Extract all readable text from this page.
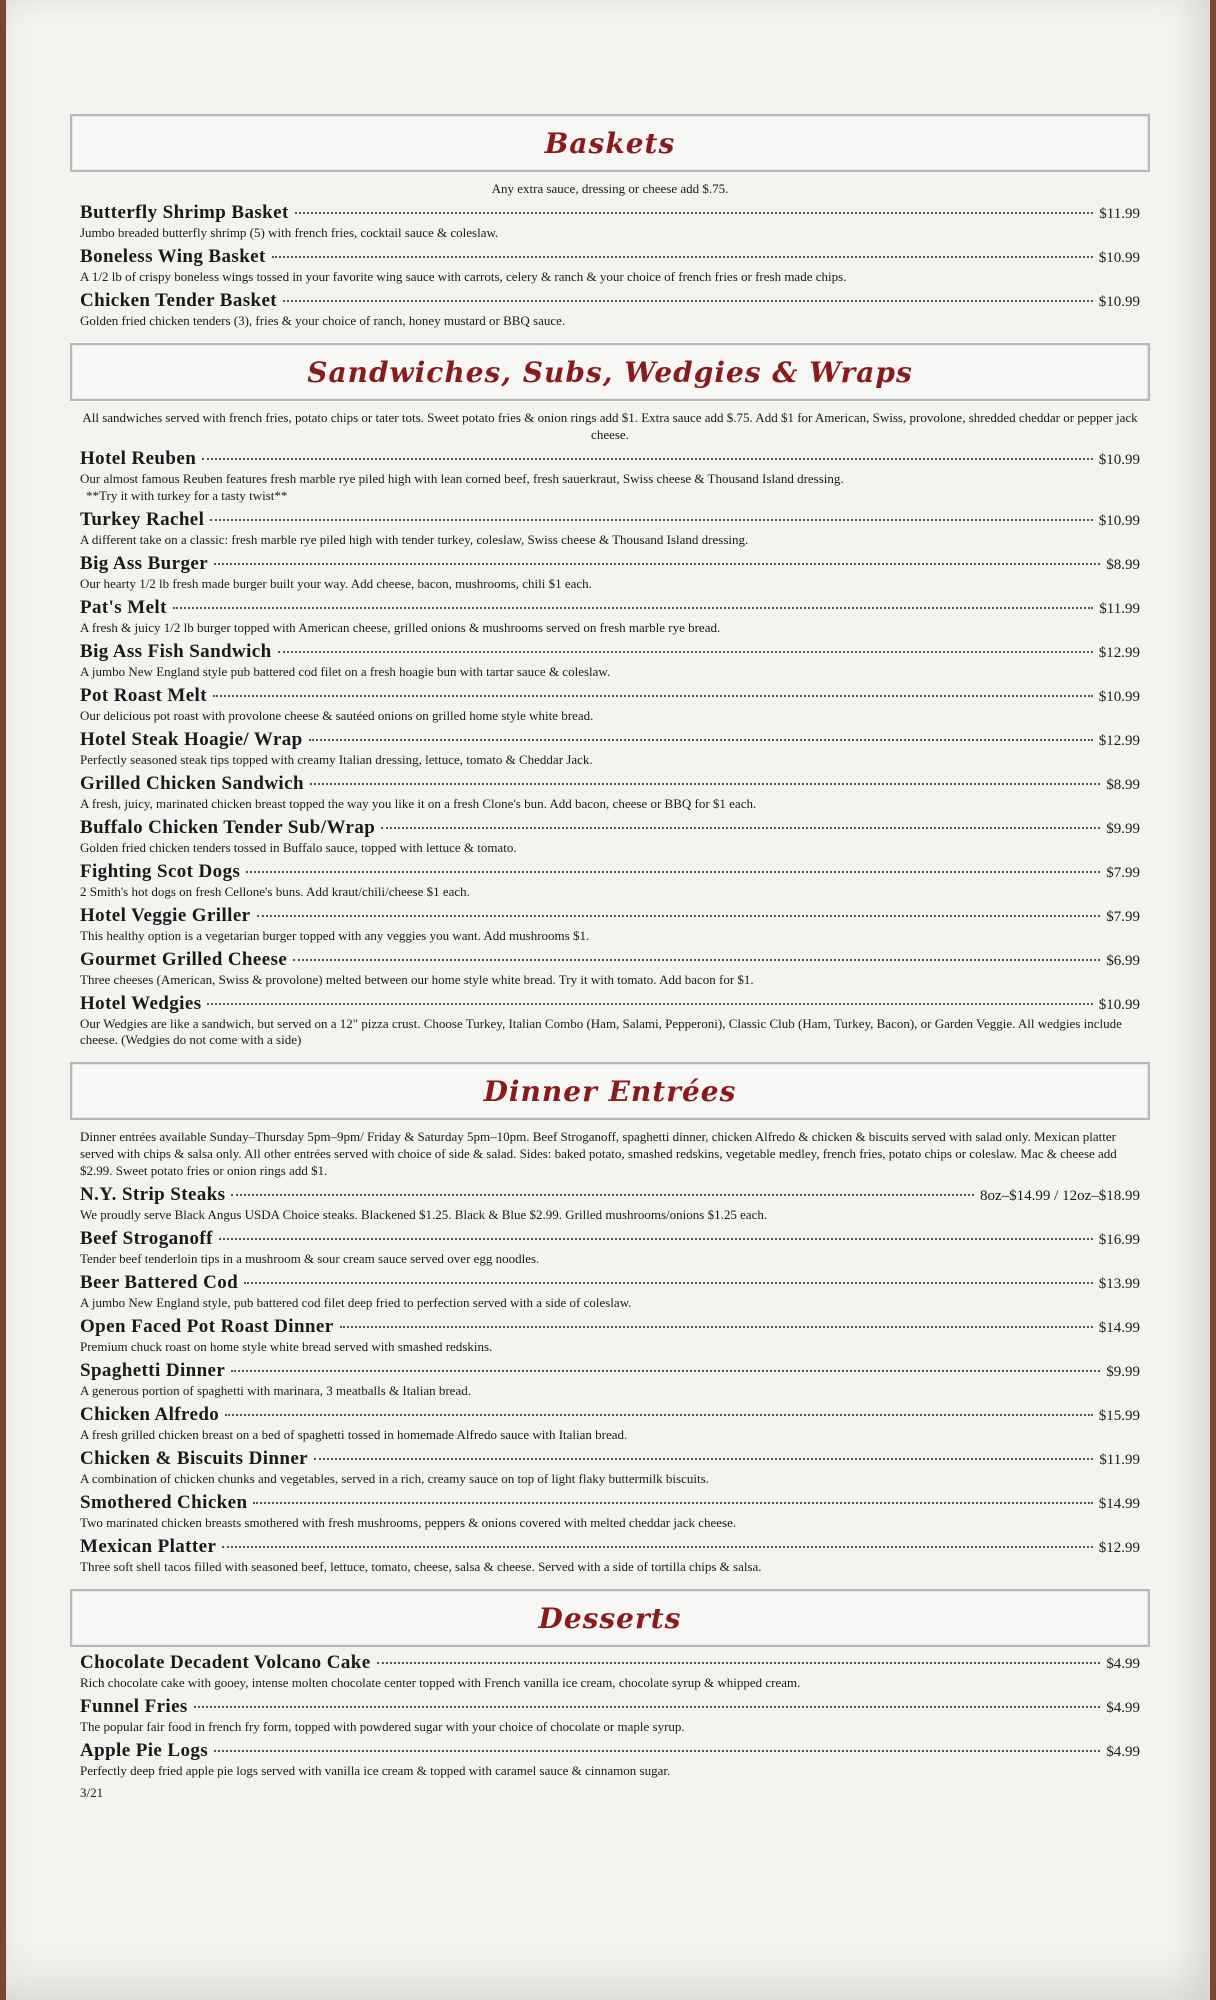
Baskets
Any extra sauce, dressing or cheese add $.75.
Butterfly Shrimp Basket	$11.99
Jumbo breaded butterfly shrimp (5) with french fries, cocktail sauce & coleslaw.
Boneless Wing Basket	$10.99
A 1/2 lb of crispy boneless wings tossed in your favorite wing sauce with carrots, celery & ranch & your choice of french fries or fresh made chips.
Chicken Tender Basket	$10.99
Golden fried chicken tenders (3), fries & your choice of ranch, honey mustard or BBQ sauce.
Sandwiches, Subs, Wedgies & Wraps
All sandwiches served with french fries, potato chips or tater tots. Sweet potato fries & onion rings add $1. Extra sauce add $.75. Add $1 for American, Swiss, provolone, shredded cheddar or pepper jack cheese.
Hotel Reuben	$10.99
Our almost famous Reuben features fresh marble rye piled high with lean corned beef, fresh sauerkraut, Swiss cheese & Thousand Island dressing.
**Try it with turkey for a tasty twist**
Turkey Rachel	$10.99
A different take on a classic: fresh marble rye piled high with tender turkey, coleslaw, Swiss cheese & Thousand Island dressing.
Big Ass Burger	$8.99
Our hearty 1/2 lb fresh made burger built your way. Add cheese, bacon, mushrooms, chili $1 each.
Pat's Melt	$11.99
A fresh & juicy 1/2 lb burger topped with American cheese, grilled onions & mushrooms served on fresh marble rye bread.
Big Ass Fish Sandwich	$12.99
A jumbo New England style pub battered cod filet on a fresh hoagie bun with tartar sauce & coleslaw.
Pot Roast Melt	$10.99
Our delicious pot roast with provolone cheese & sautéed onions on grilled home style white bread.
Hotel Steak Hoagie/ Wrap	$12.99
Perfectly seasoned steak tips topped with creamy Italian dressing, lettuce, tomato & Cheddar Jack.
Grilled Chicken Sandwich	$8.99
A fresh, juicy, marinated chicken breast topped the way you like it on a fresh Clone's bun. Add bacon, cheese or BBQ for $1 each.
Buffalo Chicken Tender Sub/Wrap	$9.99
Golden fried chicken tenders tossed in Buffalo sauce, topped with lettuce & tomato.
Fighting Scot Dogs	$7.99
2 Smith's hot dogs on fresh Cellone's buns. Add kraut/chili/cheese $1 each.
Hotel Veggie Griller	$7.99
This healthy option is a vegetarian burger topped with any veggies you want. Add mushrooms $1.
Gourmet Grilled Cheese	$6.99
Three cheeses (American, Swiss & provolone) melted between our home style white bread. Try it with tomato. Add bacon for $1.
Hotel Wedgies	$10.99
Our Wedgies are like a sandwich, but served on a 12" pizza crust. Choose Turkey, Italian Combo (Ham, Salami, Pepperoni), Classic Club (Ham, Turkey, Bacon), or Garden Veggie. All wedgies include cheese. (Wedgies do not come with a side)
Dinner Entrées
Dinner entrées available Sunday–Thursday 5pm–9pm/ Friday & Saturday 5pm–10pm. Beef Stroganoff, spaghetti dinner, chicken Alfredo & chicken & biscuits served with salad only. Mexican platter served with chips & salsa only. All other entrées served with choice of side & salad. Sides: baked potato, smashed redskins, vegetable medley, french fries, potato chips or coleslaw. Mac & cheese add $2.99. Sweet potato fries or onion rings add $1.
N.Y. Strip Steaks	8oz–$14.99 / 12oz–$18.99
We proudly serve Black Angus USDA Choice steaks. Blackened $1.25. Black & Blue $2.99. Grilled mushrooms/onions $1.25 each.
Beef Stroganoff	$16.99
Tender beef tenderloin tips in a mushroom & sour cream sauce served over egg noodles.
Beer Battered Cod	$13.99
A jumbo New England style, pub battered cod filet deep fried to perfection served with a side of coleslaw.
Open Faced Pot Roast Dinner	$14.99
Premium chuck roast on home style white bread served with smashed redskins.
Spaghetti Dinner	$9.99
A generous portion of spaghetti with marinara, 3 meatballs & Italian bread.
Chicken Alfredo	$15.99
A fresh grilled chicken breast on a bed of spaghetti tossed in homemade Alfredo sauce with Italian bread.
Chicken & Biscuits Dinner	$11.99
A combination of chicken chunks and vegetables, served in a rich, creamy sauce on top of light flaky buttermilk biscuits.
Smothered Chicken	$14.99
Two marinated chicken breasts smothered with fresh mushrooms, peppers & onions covered with melted cheddar jack cheese.
Mexican Platter	$12.99
Three soft shell tacos filled with seasoned beef, lettuce, tomato, cheese, salsa & cheese. Served with a side of tortilla chips & salsa.
Desserts
Chocolate Decadent Volcano Cake	$4.99
Rich chocolate cake with gooey, intense molten chocolate center topped with French vanilla ice cream, chocolate syrup & whipped cream.
Funnel Fries	$4.99
The popular fair food in french fry form, topped with powdered sugar with your choice of chocolate or maple syrup.
Apple Pie Logs	$4.99
Perfectly deep fried apple pie logs served with vanilla ice cream & topped with caramel sauce & cinnamon sugar.
3/21
